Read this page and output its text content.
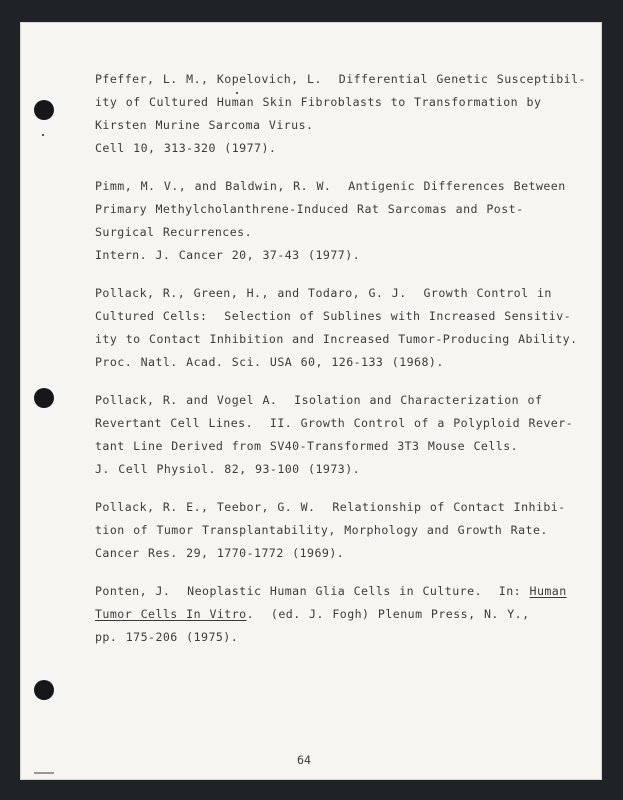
Pfeffer, L. M., Kopelovich, L.  Differential Genetic Susceptibil-
ity of Cultured Human Skin Fibroblasts to Transformation by
Kirsten Murine Sarcoma Virus.
Cell 10, 313-320 (1977).
Pimm, M. V., and Baldwin, R. W.  Antigenic Differences Between
Primary Methylcholanthrene-Induced Rat Sarcomas and Post-
Surgical Recurrences.
Intern. J. Cancer 20, 37-43 (1977).
Pollack, R., Green, H., and Todaro, G. J.  Growth Control in
Cultured Cells:  Selection of Sublines with Increased Sensitiv-
ity to Contact Inhibition and Increased Tumor-Producing Ability.
Proc. Natl. Acad. Sci. USA 60, 126-133 (1968).
Pollack, R. and Vogel A.  Isolation and Characterization of
Revertant Cell Lines.  II. Growth Control of a Polyploid Rever-
tant Line Derived from SV40-Transformed 3T3 Mouse Cells.
J. Cell Physiol. 82, 93-100 (1973).
Pollack, R. E., Teebor, G. W.  Relationship of Contact Inhibi-
tion of Tumor Transplantability, Morphology and Growth Rate.
Cancer Res. 29, 1770-1772 (1969).
Ponten, J.  Neoplastic Human Glia Cells in Culture.  In: Human
Tumor Cells In Vitro.  (ed. J. Fogh) Plenum Press, N. Y.,
pp. 175-206 (1975).
64
